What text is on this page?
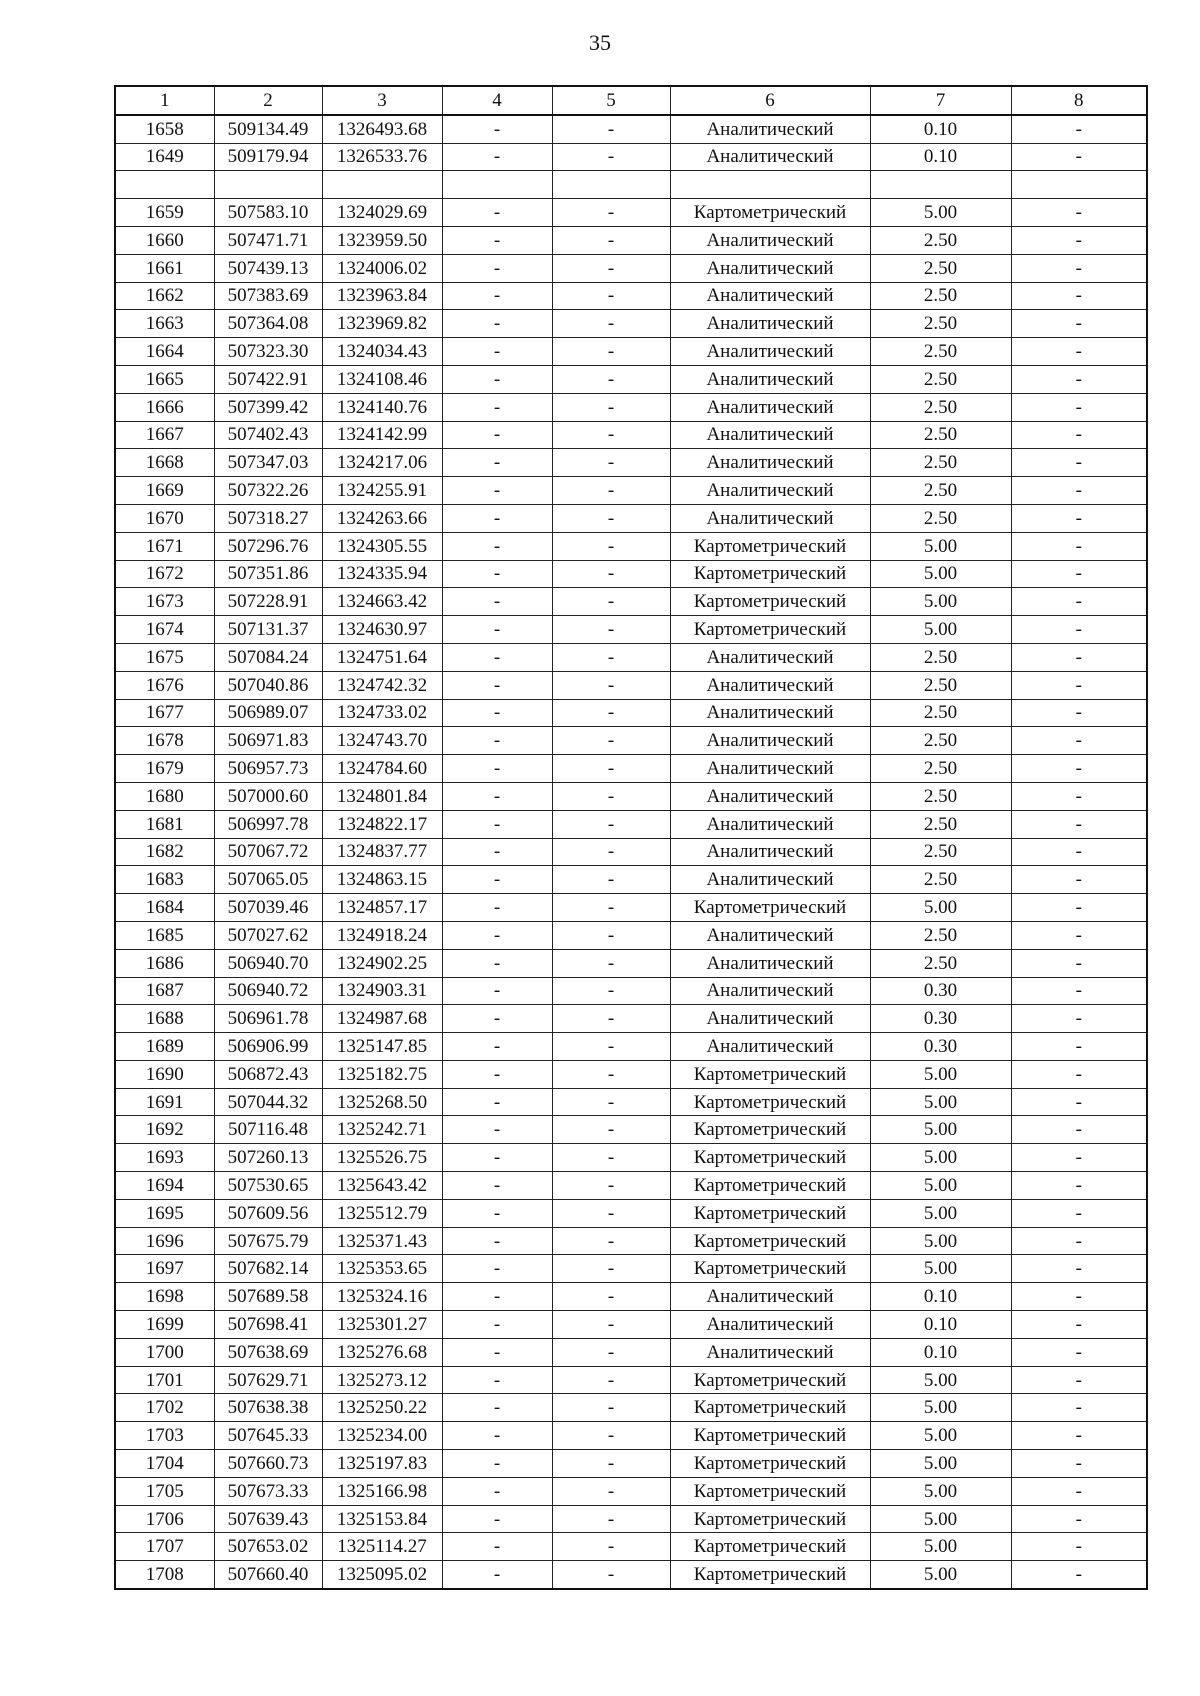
35
1	2	3	4	5	6	7	8
1658	509134.49	1326493.68	-	-	Аналитический	0.10	-
1649	509179.94	1326533.76	-	-	Аналитический	0.10	-

1659	507583.10	1324029.69	-	-	Картометрический	5.00	-
1660	507471.71	1323959.50	-	-	Аналитический	2.50	-
1661	507439.13	1324006.02	-	-	Аналитический	2.50	-
1662	507383.69	1323963.84	-	-	Аналитический	2.50	-
1663	507364.08	1323969.82	-	-	Аналитический	2.50	-
1664	507323.30	1324034.43	-	-	Аналитический	2.50	-
1665	507422.91	1324108.46	-	-	Аналитический	2.50	-
1666	507399.42	1324140.76	-	-	Аналитический	2.50	-
1667	507402.43	1324142.99	-	-	Аналитический	2.50	-
1668	507347.03	1324217.06	-	-	Аналитический	2.50	-
1669	507322.26	1324255.91	-	-	Аналитический	2.50	-
1670	507318.27	1324263.66	-	-	Аналитический	2.50	-
1671	507296.76	1324305.55	-	-	Картометрический	5.00	-
1672	507351.86	1324335.94	-	-	Картометрический	5.00	-
1673	507228.91	1324663.42	-	-	Картометрический	5.00	-
1674	507131.37	1324630.97	-	-	Картометрический	5.00	-
1675	507084.24	1324751.64	-	-	Аналитический	2.50	-
1676	507040.86	1324742.32	-	-	Аналитический	2.50	-
1677	506989.07	1324733.02	-	-	Аналитический	2.50	-
1678	506971.83	1324743.70	-	-	Аналитический	2.50	-
1679	506957.73	1324784.60	-	-	Аналитический	2.50	-
1680	507000.60	1324801.84	-	-	Аналитический	2.50	-
1681	506997.78	1324822.17	-	-	Аналитический	2.50	-
1682	507067.72	1324837.77	-	-	Аналитический	2.50	-
1683	507065.05	1324863.15	-	-	Аналитический	2.50	-
1684	507039.46	1324857.17	-	-	Картометрический	5.00	-
1685	507027.62	1324918.24	-	-	Аналитический	2.50	-
1686	506940.70	1324902.25	-	-	Аналитический	2.50	-
1687	506940.72	1324903.31	-	-	Аналитический	0.30	-
1688	506961.78	1324987.68	-	-	Аналитический	0.30	-
1689	506906.99	1325147.85	-	-	Аналитический	0.30	-
1690	506872.43	1325182.75	-	-	Картометрический	5.00	-
1691	507044.32	1325268.50	-	-	Картометрический	5.00	-
1692	507116.48	1325242.71	-	-	Картометрический	5.00	-
1693	507260.13	1325526.75	-	-	Картометрический	5.00	-
1694	507530.65	1325643.42	-	-	Картометрический	5.00	-
1695	507609.56	1325512.79	-	-	Картометрический	5.00	-
1696	507675.79	1325371.43	-	-	Картометрический	5.00	-
1697	507682.14	1325353.65	-	-	Картометрический	5.00	-
1698	507689.58	1325324.16	-	-	Аналитический	0.10	-
1699	507698.41	1325301.27	-	-	Аналитический	0.10	-
1700	507638.69	1325276.68	-	-	Аналитический	0.10	-
1701	507629.71	1325273.12	-	-	Картометрический	5.00	-
1702	507638.38	1325250.22	-	-	Картометрический	5.00	-
1703	507645.33	1325234.00	-	-	Картометрический	5.00	-
1704	507660.73	1325197.83	-	-	Картометрический	5.00	-
1705	507673.33	1325166.98	-	-	Картометрический	5.00	-
1706	507639.43	1325153.84	-	-	Картометрический	5.00	-
1707	507653.02	1325114.27	-	-	Картометрический	5.00	-
1708	507660.40	1325095.02	-	-	Картометрический	5.00	-
